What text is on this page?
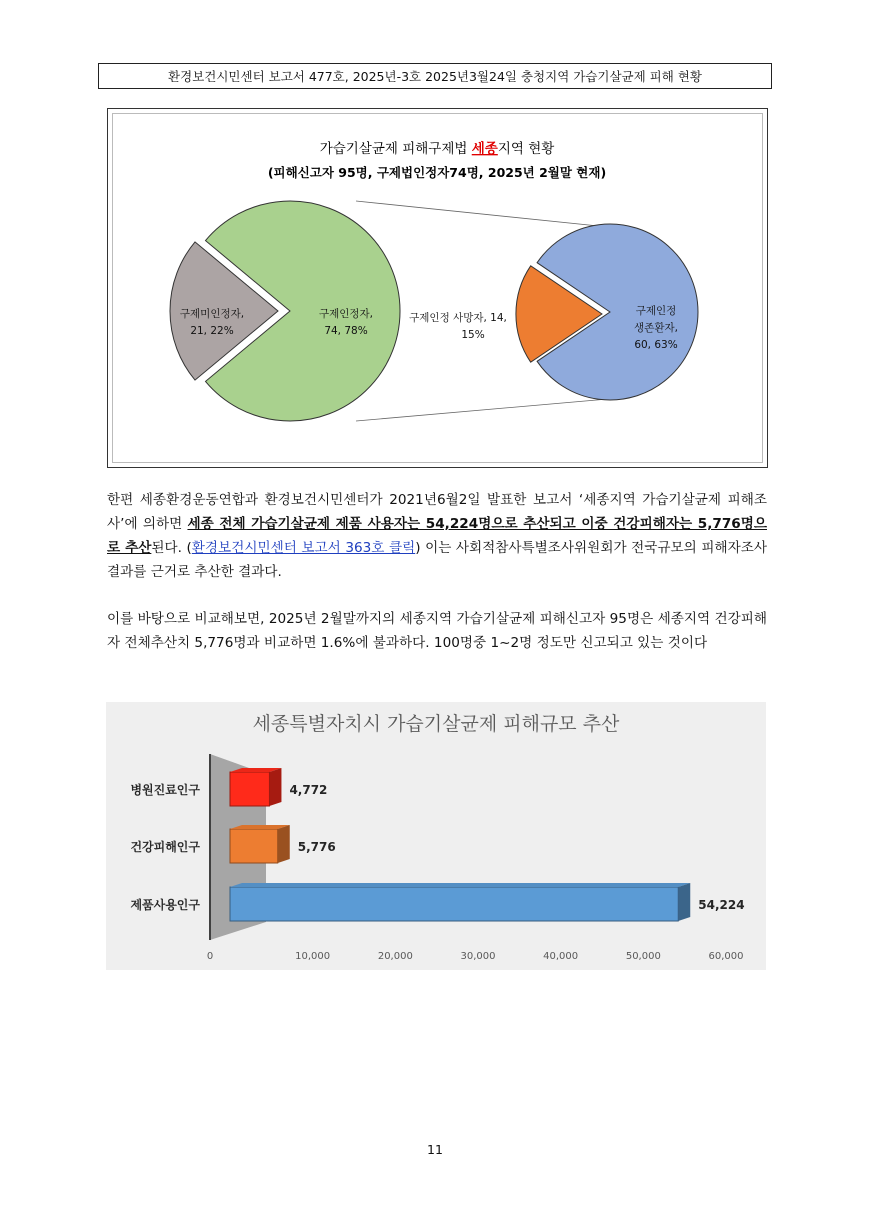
환경보건시민센터 보고서 477호, 2025년-3호 2025년3월24일 충청지역 가습기살균제 피해 현황
가습기살균제 피해구제법 세종지역 현황
(피해신고자 95명, 구제법인정자74명, 2025년 2월말 현재)
구제미인정자,
21, 22%
구제인정자,
74, 78%
구제인정 사망자, 14,
15%
구제인정
생존환자,
60, 63%
한편 세종환경운동연합과 환경보건시민센터가 2021년6월2일 발표한 보고서 ‘세종지역 가습기살균제 피해조사’에 의하면 세종 전체 가습기살균제 제품 사용자는 54,224명으로 추산되고 이중 건강피해자는 5,776명으로 추산된다. (환경보건시민센터 보고서 363호 클릭) 이는 사회적참사특별조사위원회가 전국규모의 피해자조사 결과를 근거로 추산한 결과다.
이를 바탕으로 비교해보면, 2025년 2월말까지의 세종지역 가습기살균제 피해신고자 95명은 세종지역 건강피해자 전체추산치 5,776명과 비교하면 1.6%에 불과하다. 100명중 1~2명 정도만 신고되고 있는 것이다
세종특별자치시 가습기살균제 피해규모 추산
병원진료인구
건강피해인구
제품사용인구
4,772
5,776
54,224
0	10,000	20,000	30,000	40,000	50,000	60,000
11
